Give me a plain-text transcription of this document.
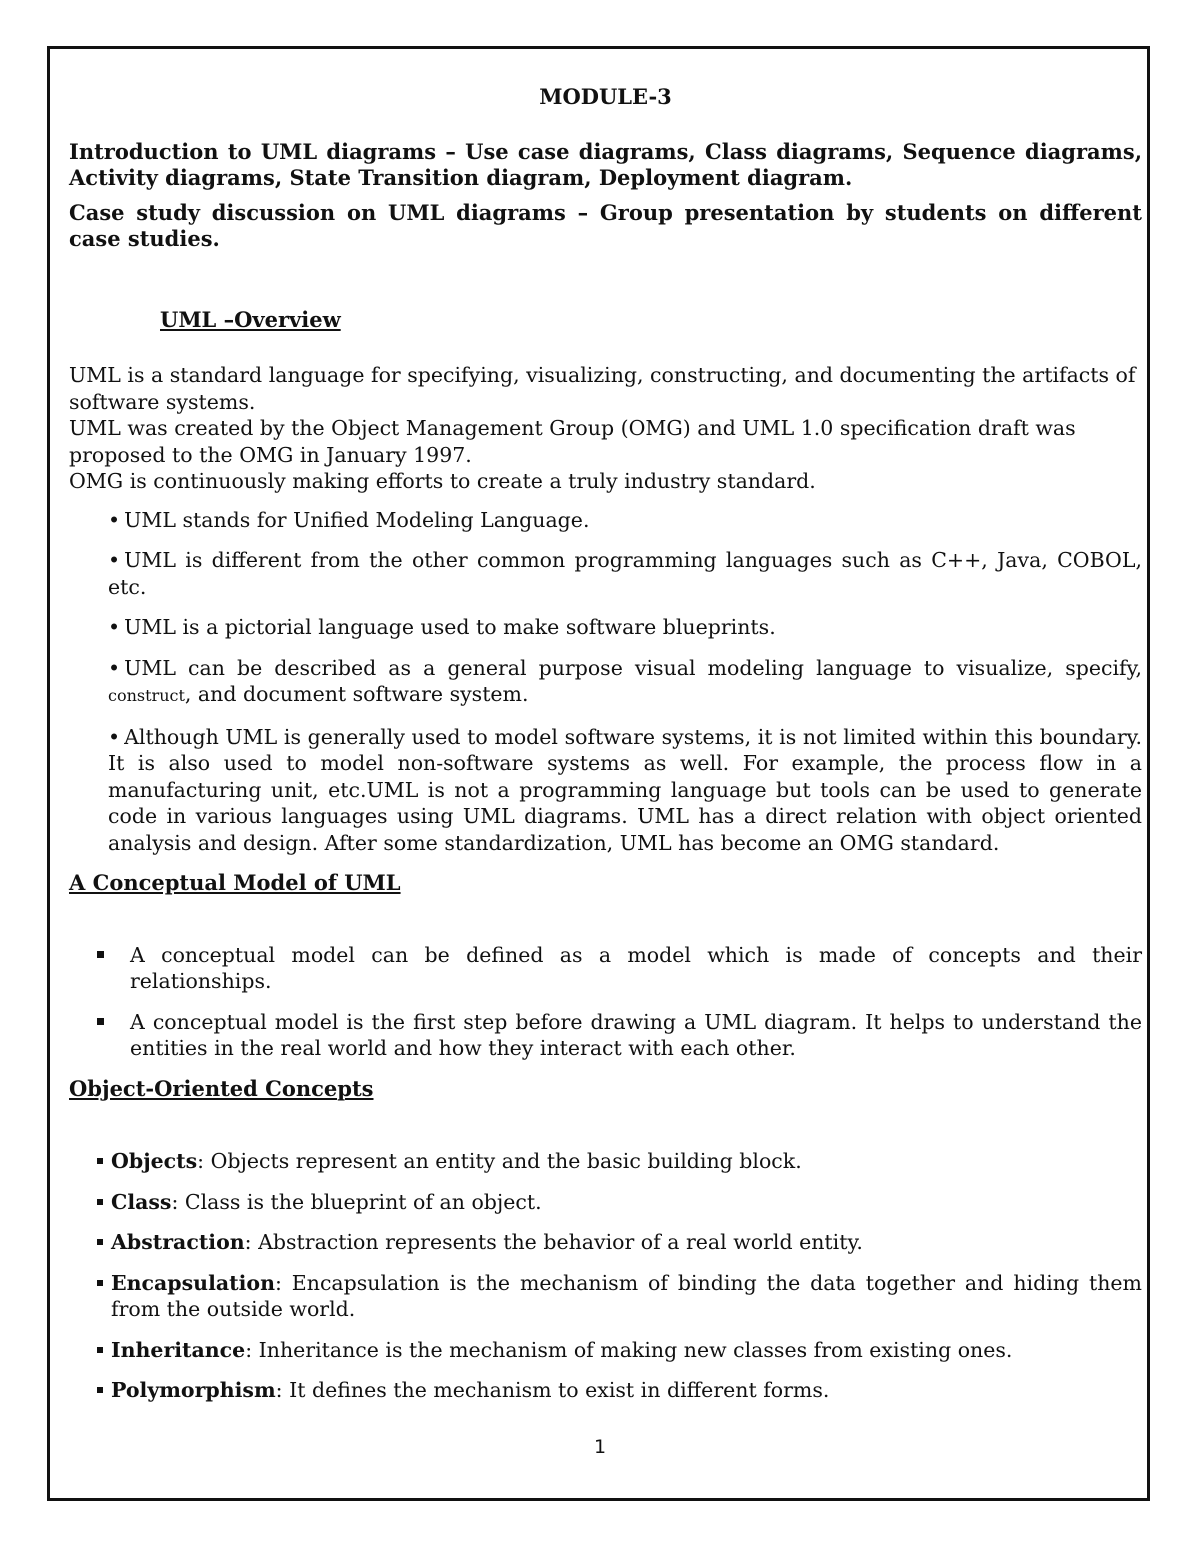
MODULE-3

Introduction to UML diagrams – Use case diagrams, Class diagrams, Sequence diagrams, Activity diagrams, State Transition diagram, Deployment diagram.

Case study discussion on UML diagrams – Group presentation by students on different case studies.

UML –Overview

UML is a standard language for specifying, visualizing, constructing, and documenting the artifacts of software systems.

UML was created by the Object Management Group (OMG) and UML 1.0 specification draft was proposed to the OMG in January 1997.

OMG is continuously making efforts to create a truly industry standard.

• UML stands for Unified Modeling Language.
• UML is different from the other common programming languages such as C++, Java, COBOL, etc.
• UML is a pictorial language used to make software blueprints.
• UML can be described as a general purpose visual modeling language to visualize, specify, construct, and document software system.
• Although UML is generally used to model software systems, it is not limited within this boundary. It is also used to model non-software systems as well. For example, the process flow in a manufacturing unit, etc.UML is not a programming language but tools can be used to generate code in various languages using UML diagrams. UML has a direct relation with object oriented analysis and design. After some standardization, UML has become an OMG standard.

A Conceptual Model of UML

A conceptual model can be defined as a model which is made of concepts and their relationships.
A conceptual model is the first step before drawing a UML diagram. It helps to understand the entities in the real world and how they interact with each other.

Object-Oriented Concepts

Objects: Objects represent an entity and the basic building block.
Class: Class is the blueprint of an object.
Abstraction: Abstraction represents the behavior of a real world entity.
Encapsulation: Encapsulation is the mechanism of binding the data together and hiding them from the outside world.
Inheritance: Inheritance is the mechanism of making new classes from existing ones.
Polymorphism: It defines the mechanism to exist in different forms.
1
